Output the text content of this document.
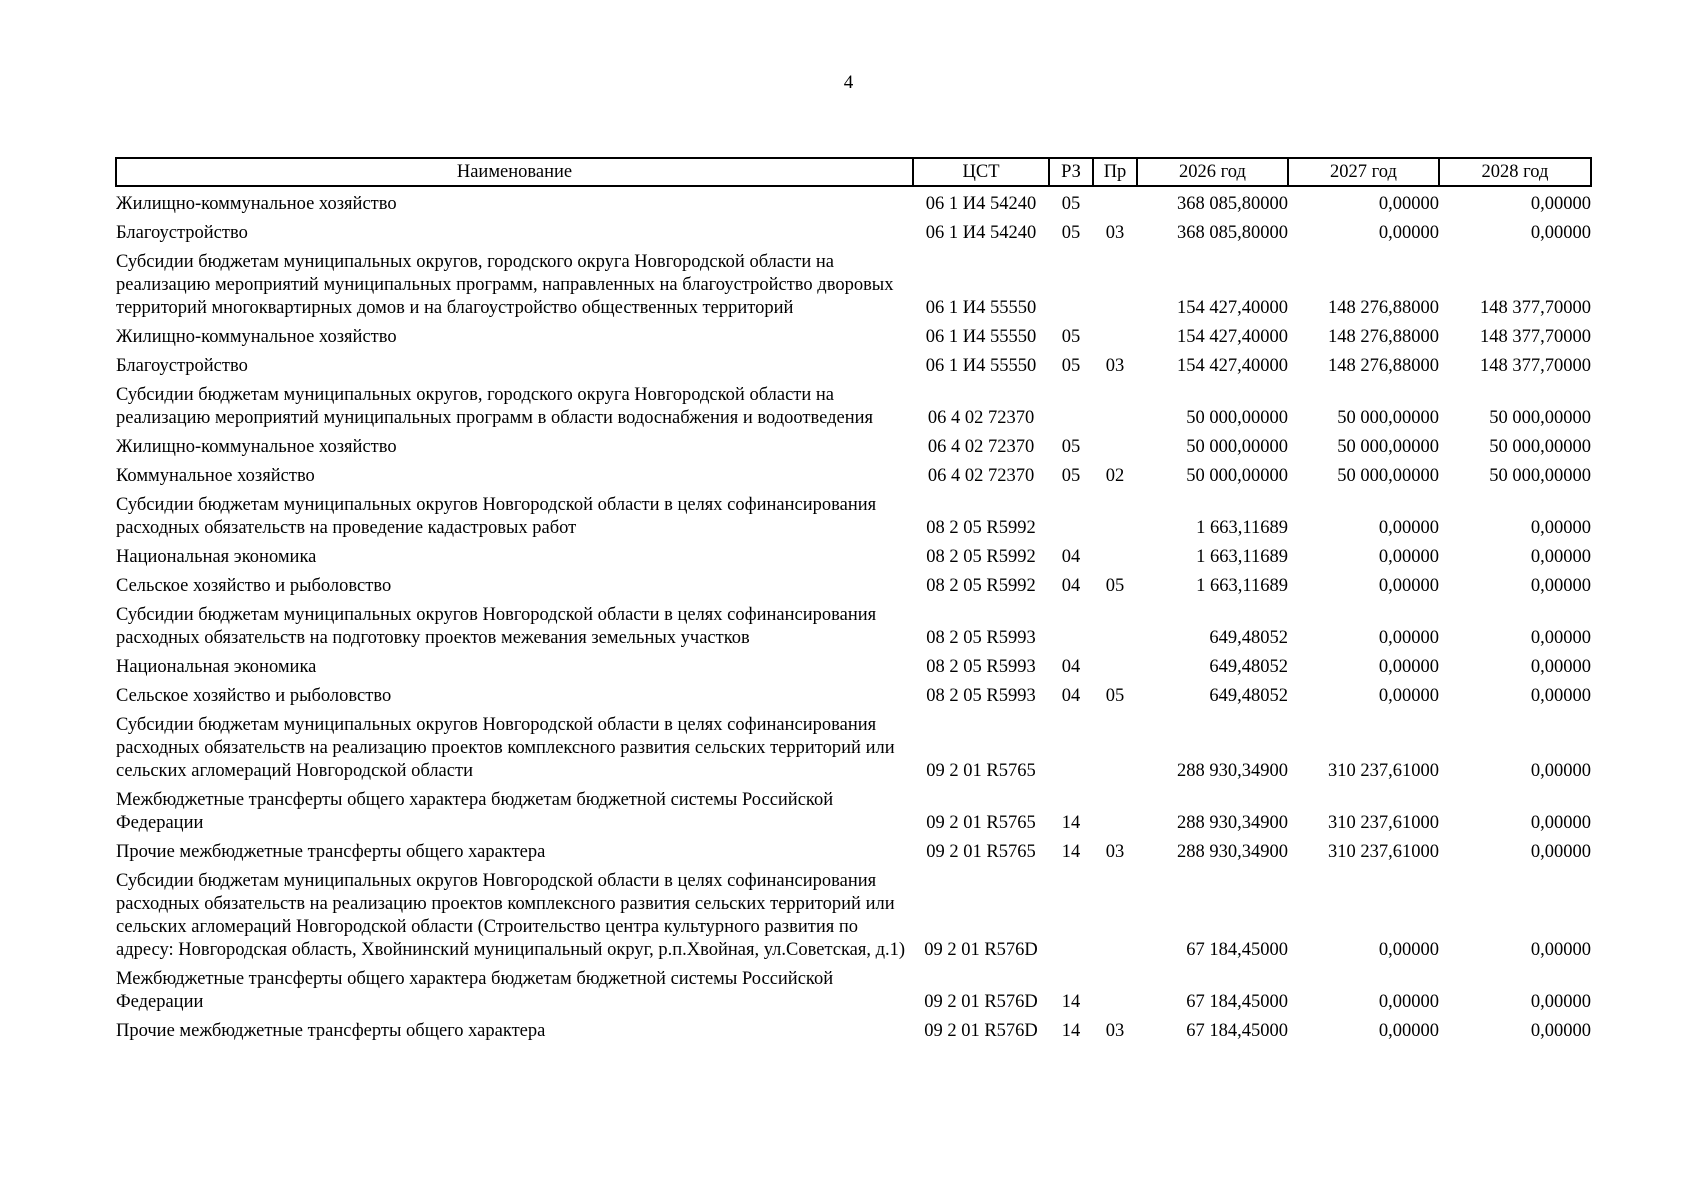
4
Наименование	ЦСТ	РЗ	Пр	2026 год	2027 год	2028 год
Жилищно-коммунальное хозяйство	06 1 И4 54240	05		368 085,80000	0,00000	0,00000
Благоустройство	06 1 И4 54240	05	03	368 085,80000	0,00000	0,00000
Субсидии бюджетам муниципальных округов, городского округа Новгородской области на реализацию мероприятий муниципальных программ, направленных на благоустройство дворовых территорий многоквартирных домов и на благоустройство общественных территорий	06 1 И4 55550			154 427,40000	148 276,88000	148 377,70000
Жилищно-коммунальное хозяйство	06 1 И4 55550	05		154 427,40000	148 276,88000	148 377,70000
Благоустройство	06 1 И4 55550	05	03	154 427,40000	148 276,88000	148 377,70000
Субсидии бюджетам муниципальных округов, городского округа Новгородской области на реализацию мероприятий муниципальных программ в области водоснабжения и водоотведения	06 4 02 72370			50 000,00000	50 000,00000	50 000,00000
Жилищно-коммунальное хозяйство	06 4 02 72370	05		50 000,00000	50 000,00000	50 000,00000
Коммунальное хозяйство	06 4 02 72370	05	02	50 000,00000	50 000,00000	50 000,00000
Субсидии бюджетам муниципальных округов Новгородской области в целях софинансирования расходных обязательств на проведение кадастровых работ	08 2 05 R5992			1 663,11689	0,00000	0,00000
Национальная экономика	08 2 05 R5992	04		1 663,11689	0,00000	0,00000
Сельское хозяйство и рыболовство	08 2 05 R5992	04	05	1 663,11689	0,00000	0,00000
Субсидии бюджетам муниципальных округов Новгородской области в целях софинансирования расходных обязательств на подготовку проектов межевания земельных участков	08 2 05 R5993			649,48052	0,00000	0,00000
Национальная экономика	08 2 05 R5993	04		649,48052	0,00000	0,00000
Сельское хозяйство и рыболовство	08 2 05 R5993	04	05	649,48052	0,00000	0,00000
Субсидии бюджетам муниципальных округов Новгородской области в целях софинансирования расходных обязательств на реализацию проектов комплексного развития сельских территорий или сельских агломераций Новгородской области	09 2 01 R5765			288 930,34900	310 237,61000	0,00000
Межбюджетные трансферты общего характера бюджетам бюджетной системы Российской Федерации	09 2 01 R5765	14		288 930,34900	310 237,61000	0,00000
Прочие межбюджетные трансферты общего характера	09 2 01 R5765	14	03	288 930,34900	310 237,61000	0,00000
Субсидии бюджетам муниципальных округов Новгородской области в целях софинансирования расходных обязательств на реализацию проектов комплексного развития сельских территорий или сельских агломераций Новгородской области (Строительство центра культурного развития по адресу: Новгородская область, Хвойнинский муниципальный округ, р.п.Хвойная, ул.Советская, д.1)	09 2 01 R576D			67 184,45000	0,00000	0,00000
Межбюджетные трансферты общего характера бюджетам бюджетной системы Российской Федерации	09 2 01 R576D	14		67 184,45000	0,00000	0,00000
Прочие межбюджетные трансферты общего характера	09 2 01 R576D	14	03	67 184,45000	0,00000	0,00000
